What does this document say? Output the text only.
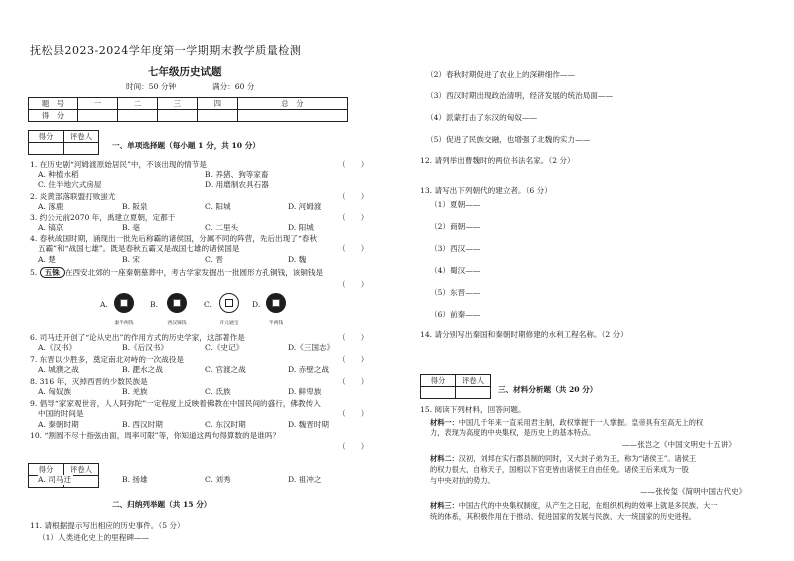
抚松县2023-2024学年度第一学期期末教学质量检测
七年级历史试题
时间：50 分钟	满分：60 分
题　号	一	二	三	四	总　分
得　分					
得分	评卷人

一、单项选择题（每小题 1 分，共 10 分）
1. 在历史剧“河姆渡原始居民”中，不该出现的情节是	（　　）
A. 种植水稻	B. 养猪、狗等家畜
C. 住半地穴式房屋	D. 用磨制农具石器
2. 炎黄部落联盟打败蚩尤	（　　）
A. 涿鹿	B. 阪泉	C. 阳城	D. 河姆渡
3. 约公元前2070 年，禹建立夏朝，定都于	（　　）
A. 镐京	B. 亳	C. 二里头	D. 阳城
4. 春秋战国时期，涌现出一批先后称霸的诸侯国，分属不同的阵营，先后出现了“春秋
五霸”和“战国七雄”。既是春秋五霸又是战国七雄的诸侯国是	（　　）
A. 楚	B. 宋	C. 晋	D. 魏
5. 五铢 在西安北郊的一座秦朝墓葬中，考古学家发掘出一批圆形方孔铜钱，该铜钱是
（　　）
A.	B.	C.	D.
秦半两钱	西汉铢钱	开元通宝	半两钱
6. 司马迁开创了“论从史出”的作用方式的历史学家，这部著作是	（　　）
A.《汉书》	B.《后汉书》	C.《史记》	D.《三国志》
7. 东晋以少胜多，奠定南北对峙的一次战役是	（　　）
A. 城濮之战	B. 淝水之战	C. 官渡之战	D. 赤壁之战
8. 316 年，灭掉西晋的少数民族是	（　　）
A. 匈奴族	B. 羌族	C. 氐族	D. 鲜卑族
9. 倡导“家家观世音，人人阿弥陀”一定程度上反映着佛教在中国民间的盛行，佛教传入
中国的时间是	（　　）
A. 秦朝时期	B. 西汉时期	C. 东汉时期	D. 魏晋时期
10. “割圆不尽十指弦由面，周率可限”等，你知道这两句得算数的是谁吗？
（　　）
得分	评卷人

A. 司马迁	B. 扬雄	C. 刘秀	D. 祖冲之
二、归纳列举题（共 15 分）
11. 请根据提示写出相应的历史事件。（5 分）
（1）人类进化史上的里程碑——
（2）春秋时期促进了农业上的深耕细作——
（3）西汉时期出现政治清明，经济发展的统治局面——
（4）派蒙打击了东汉的匈奴——
（5）促进了民族交融，也增强了北魏的实力——
12. 请列举出曹魏时的两位书法名家。（2 分）
13. 请写出下列朝代的建立者。（6 分）
（1）夏朝——
（2）商朝——
（3）西汉——
（4）蜀汉——
（5）东晋——
（6）前秦——
14. 请分别写出秦国和秦朝时期修建的水利工程名称。（2 分）
得分	评卷人

三、材料分析题（共 20 分）
15. 阅读下列材料，回答问题。
材料一：中国几千年来一直采用君主制，政权掌握于一人掌握。皇帝具有至高无上的权
力，表现为高度的中央集权，是历史上的基本特点。
——张岂之《中国文明史十五讲》
材料二：汉初，刘邦在实行郡县制的同时，又大封子弟为王，称为“诸侯王”。诸侯王
的权力很大，自称天子，国相以下官吏皆由诸侯王自由任免。诸侯王后来成为一股
与中央对抗的势力。
——张传玺《简明中国古代史》
材料三：中国古代的中央集权制度，从产生之日起，在组织机构的效率上就是多民族、大一
统的体系，其积极作用在于推动、促进国家的发展与民族、大一统国家的历史进程。
